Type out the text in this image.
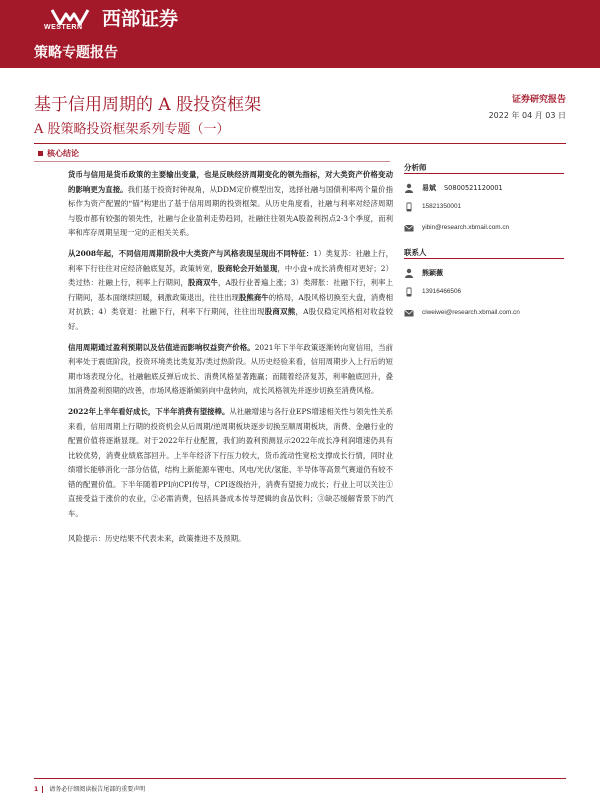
WESTERN 西部证券
策略专题报告
基于信用周期的 A 股投资框架
A 股策略投资框架系列专题（一）
证券研究报告
2022 年 04 月 03 日
核心结论

货币与信用是货币政策的主要输出变量，也是反映经济周期变化的领先指标，对大类资产价格变动的影响更为直接。我们基于投资时钟视角，从DDM定价模型出发，选择社融与国债利率两个量价指标作为资产配置的“锚”构建出了基于信用周期的投资框架。从历史角度看，社融与利率对经济周期与股市都有较强的领先性，社融与企业盈利走势趋同，社融往往领先A股盈利拐点2-3个季度，而利率和库存周期呈现一定的正相关关系。

从2008年起，不同信用周期阶段中大类资产与风格表现呈现出不同特征：1）类复苏：社融上行，利率下行往往对应经济触底复苏，政策转宽，股商轮会开始显现，中小盘+成长消费相对更好；2）类过热：社融上行，利率上行期间，股商双牛，A股行业普遍上涨；3）类滞胀：社融下行，利率上行期间，基本面继续回暖，刺激政策退出，往往出现股熊商牛的格局，A股风格切换至大盘，消费相对抗跌；4）类衰退：社融下行，利率下行期间，往往出现股商双熊，A股仅稳定风格相对收益较好。

信用周期通过盈利预期以及估值进而影响权益资产价格。2021年下半年政策逐渐转向宽信用，当前利率处于震底阶段，投资环境类比类复苏/类过热阶段。从历史经验来看，信用周期步入上行后的短期市场表现分化，社融触底反弹后成长、消费风格显著跑赢；而随着经济复苏，利率触底回升，叠加消费盈利预期的改善，市场风格逐渐倾斜向中盘转向，成长风格领先并逐步切换至消费风格。

2022年上半年看好成长，下半年消费有望接棒。从社融增速与各行业EPS增速相关性与领先性关系来看，信用周期上行期的投资机会从后周期/逆周期板块逐步切换至顺周期板块，消费、金融行业的配置价值将逐渐显现。对于2022年行业配置，我们的盈利预测显示2022年成长净利润增速仍具有比较优势，消费业绩底部回升。上半年经济下行压力较大，货币流动性宽松支撑成长行情，同时业绩增长能够消化一部分估值，结构上新能源车锂电、风电/光伏/氢能、半导体等高景气赛道仍有较不错的配置价值。下半年随着PPI向CPI传导，CPI逐级抬升，消费有望接力成长；行业上可以关注①直接受益于涨价的农业，②必需消费，包括具备成本传导逻辑的食品饮料；③缺芯缓解背景下的汽车。

风险提示：历史结果不代表未来，政策推进不及预期。

分析师
易斌 S0800521120001
15821350001
yibin@research.xbmail.com.cn
联系人
熊颖薇
13916466506
ciweiwei@research.xbmail.com.cn
1 请务必仔细阅读报告尾部的重要声明
